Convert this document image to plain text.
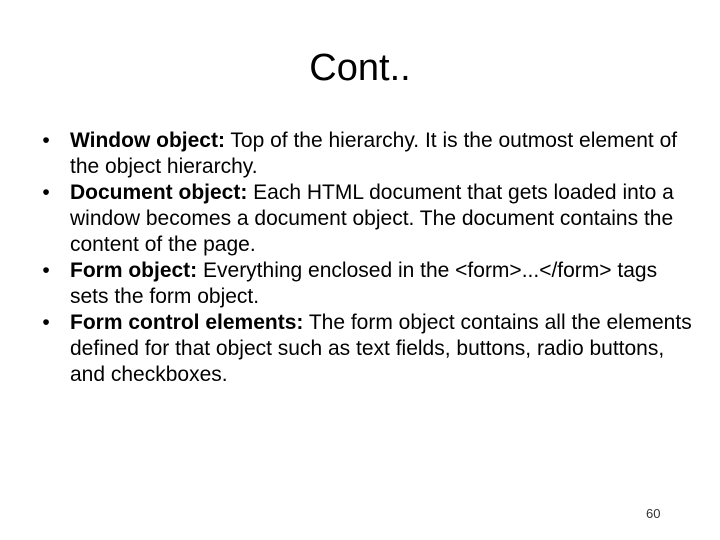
Cont..
• Window object: Top of the hierarchy. It is the outmost element of the object hierarchy.
• Document object: Each HTML document that gets loaded into a window becomes a document object. The document contains the content of the page.
• Form object: Everything enclosed in the <form>...</form> tags sets the form object.
• Form control elements: The form object contains all the elements defined for that object such as text fields, buttons, radio buttons, and checkboxes.
60
